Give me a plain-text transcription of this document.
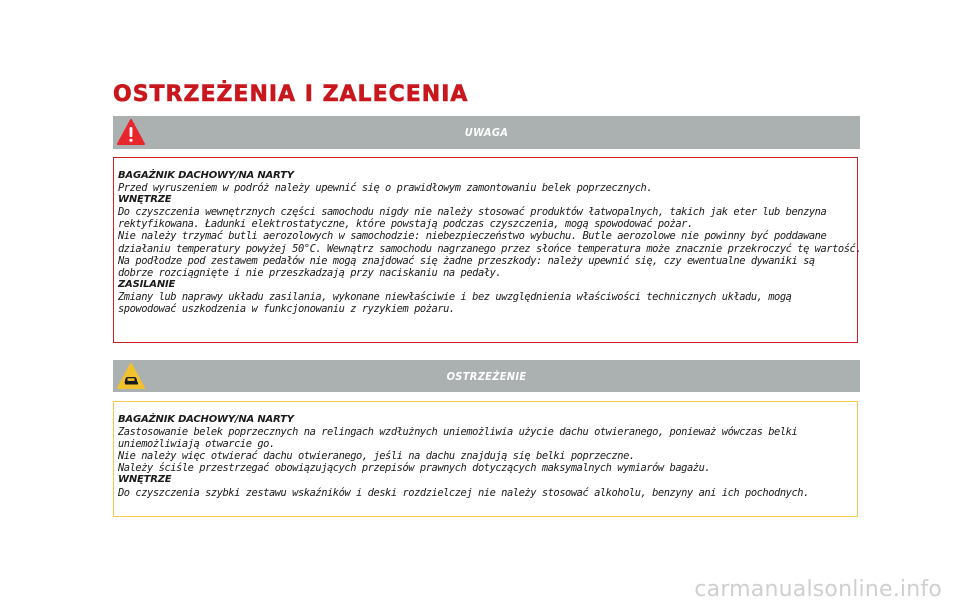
OSTRZEŻENIA I ZALECENIA
UWAGA

BAGAŻNIK DACHOWY/NA NARTY

Przed wyruszeniem w podróż należy upewnić się o prawidłowym zamontowaniu belek poprzecznych.

WNĘTRZE

Do czyszczenia wewnętrznych części samochodu nigdy nie należy stosować produktów łatwopalnych, takich jak eter lub benzyna

rektyfikowana. Ładunki elektrostatyczne, które powstają podczas czyszczenia, mogą spowodować pożar.

Nie należy trzymać butli aerozolowych w samochodzie: niebezpieczeństwo wybuchu. Butle aerozolowe nie powinny być poddawane

działaniu temperatury powyżej 50°C. Wewnątrz samochodu nagrzanego przez słońce temperatura może znacznie przekroczyć tę wartość.

Na podłodze pod zestawem pedałów nie mogą znajdować się żadne przeszkody: należy upewnić się, czy ewentualne dywaniki są

dobrze rozciągnięte i nie przeszkadzają przy naciskaniu na pedały.

ZASILANIE

Zmiany lub naprawy układu zasilania, wykonane niewłaściwie i bez uwzględnienia właściwości technicznych układu, mogą

spowodować uszkodzenia w funkcjonowaniu z ryzykiem pożaru.

OSTRZEŻENIE

BAGAŻNIK DACHOWY/NA NARTY

Zastosowanie belek poprzecznych na relingach wzdłużnych uniemożliwia użycie dachu otwieranego, ponieważ wówczas belki

uniemożliwiają otwarcie go.

Nie należy więc otwierać dachu otwieranego, jeśli na dachu znajdują się belki poprzeczne.

Należy ściśle przestrzegać obowiązujących przepisów prawnych dotyczących maksymalnych wymiarów bagażu.

WNĘTRZE

Do czyszczenia szybki zestawu wskaźników i deski rozdzielczej nie należy stosować alkoholu, benzyny ani ich pochodnych.

carmanualsonline.info
